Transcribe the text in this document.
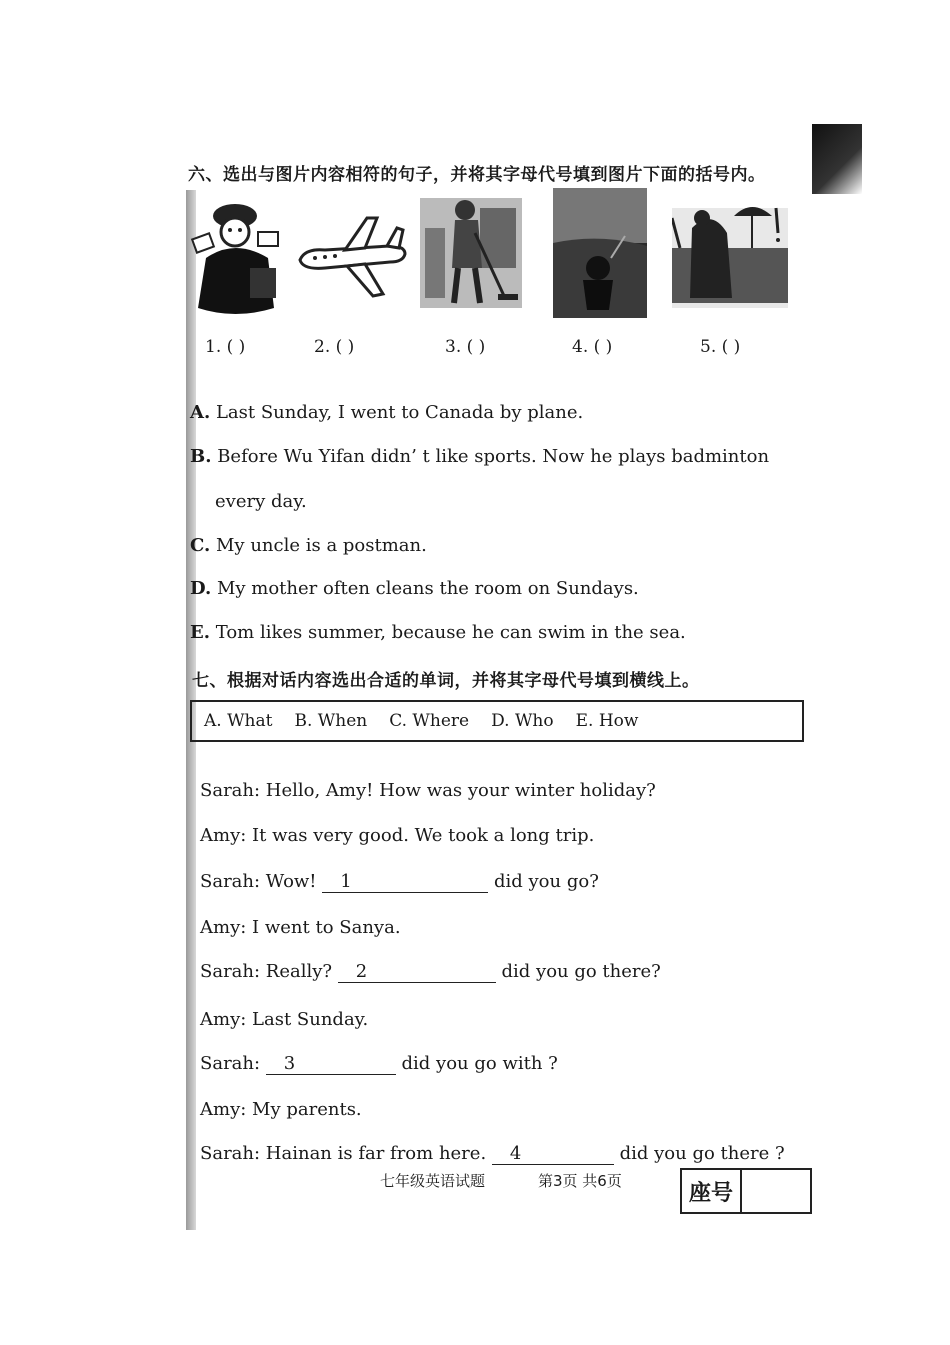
六、选出与图片内容相符的句子，并将其字母代号填到图片下面的括号内。
1. ( )	2. ( )	3. ( )	4. ( )	5. ( )
A. Last Sunday, I went to Canada by plane.
B. Before Wu Yifan didn’ t like sports. Now he plays badminton
every day.
C. My uncle is a postman.
D. My mother often cleans the room on Sundays.
E. Tom likes summer, because he can swim in the sea.
七、根据对话内容选出合适的单词，并将其字母代号填到横线上。
A. What B. When C. Where D. Who E. How
Sarah: Hello, Amy! How was your winter holiday?
Amy: It was very good. We took a long trip.
Sarah: Wow! 1	did you go?
Amy: I went to Sanya.
Sarah: Really? 2	did you go there?
Amy: Last Sunday.
Sarah: 3	did you go with ?
Amy: My parents.
Sarah: Hainan is far from here. 4	did you go there ?
七年级英语试题	第3页 共6页	座号
